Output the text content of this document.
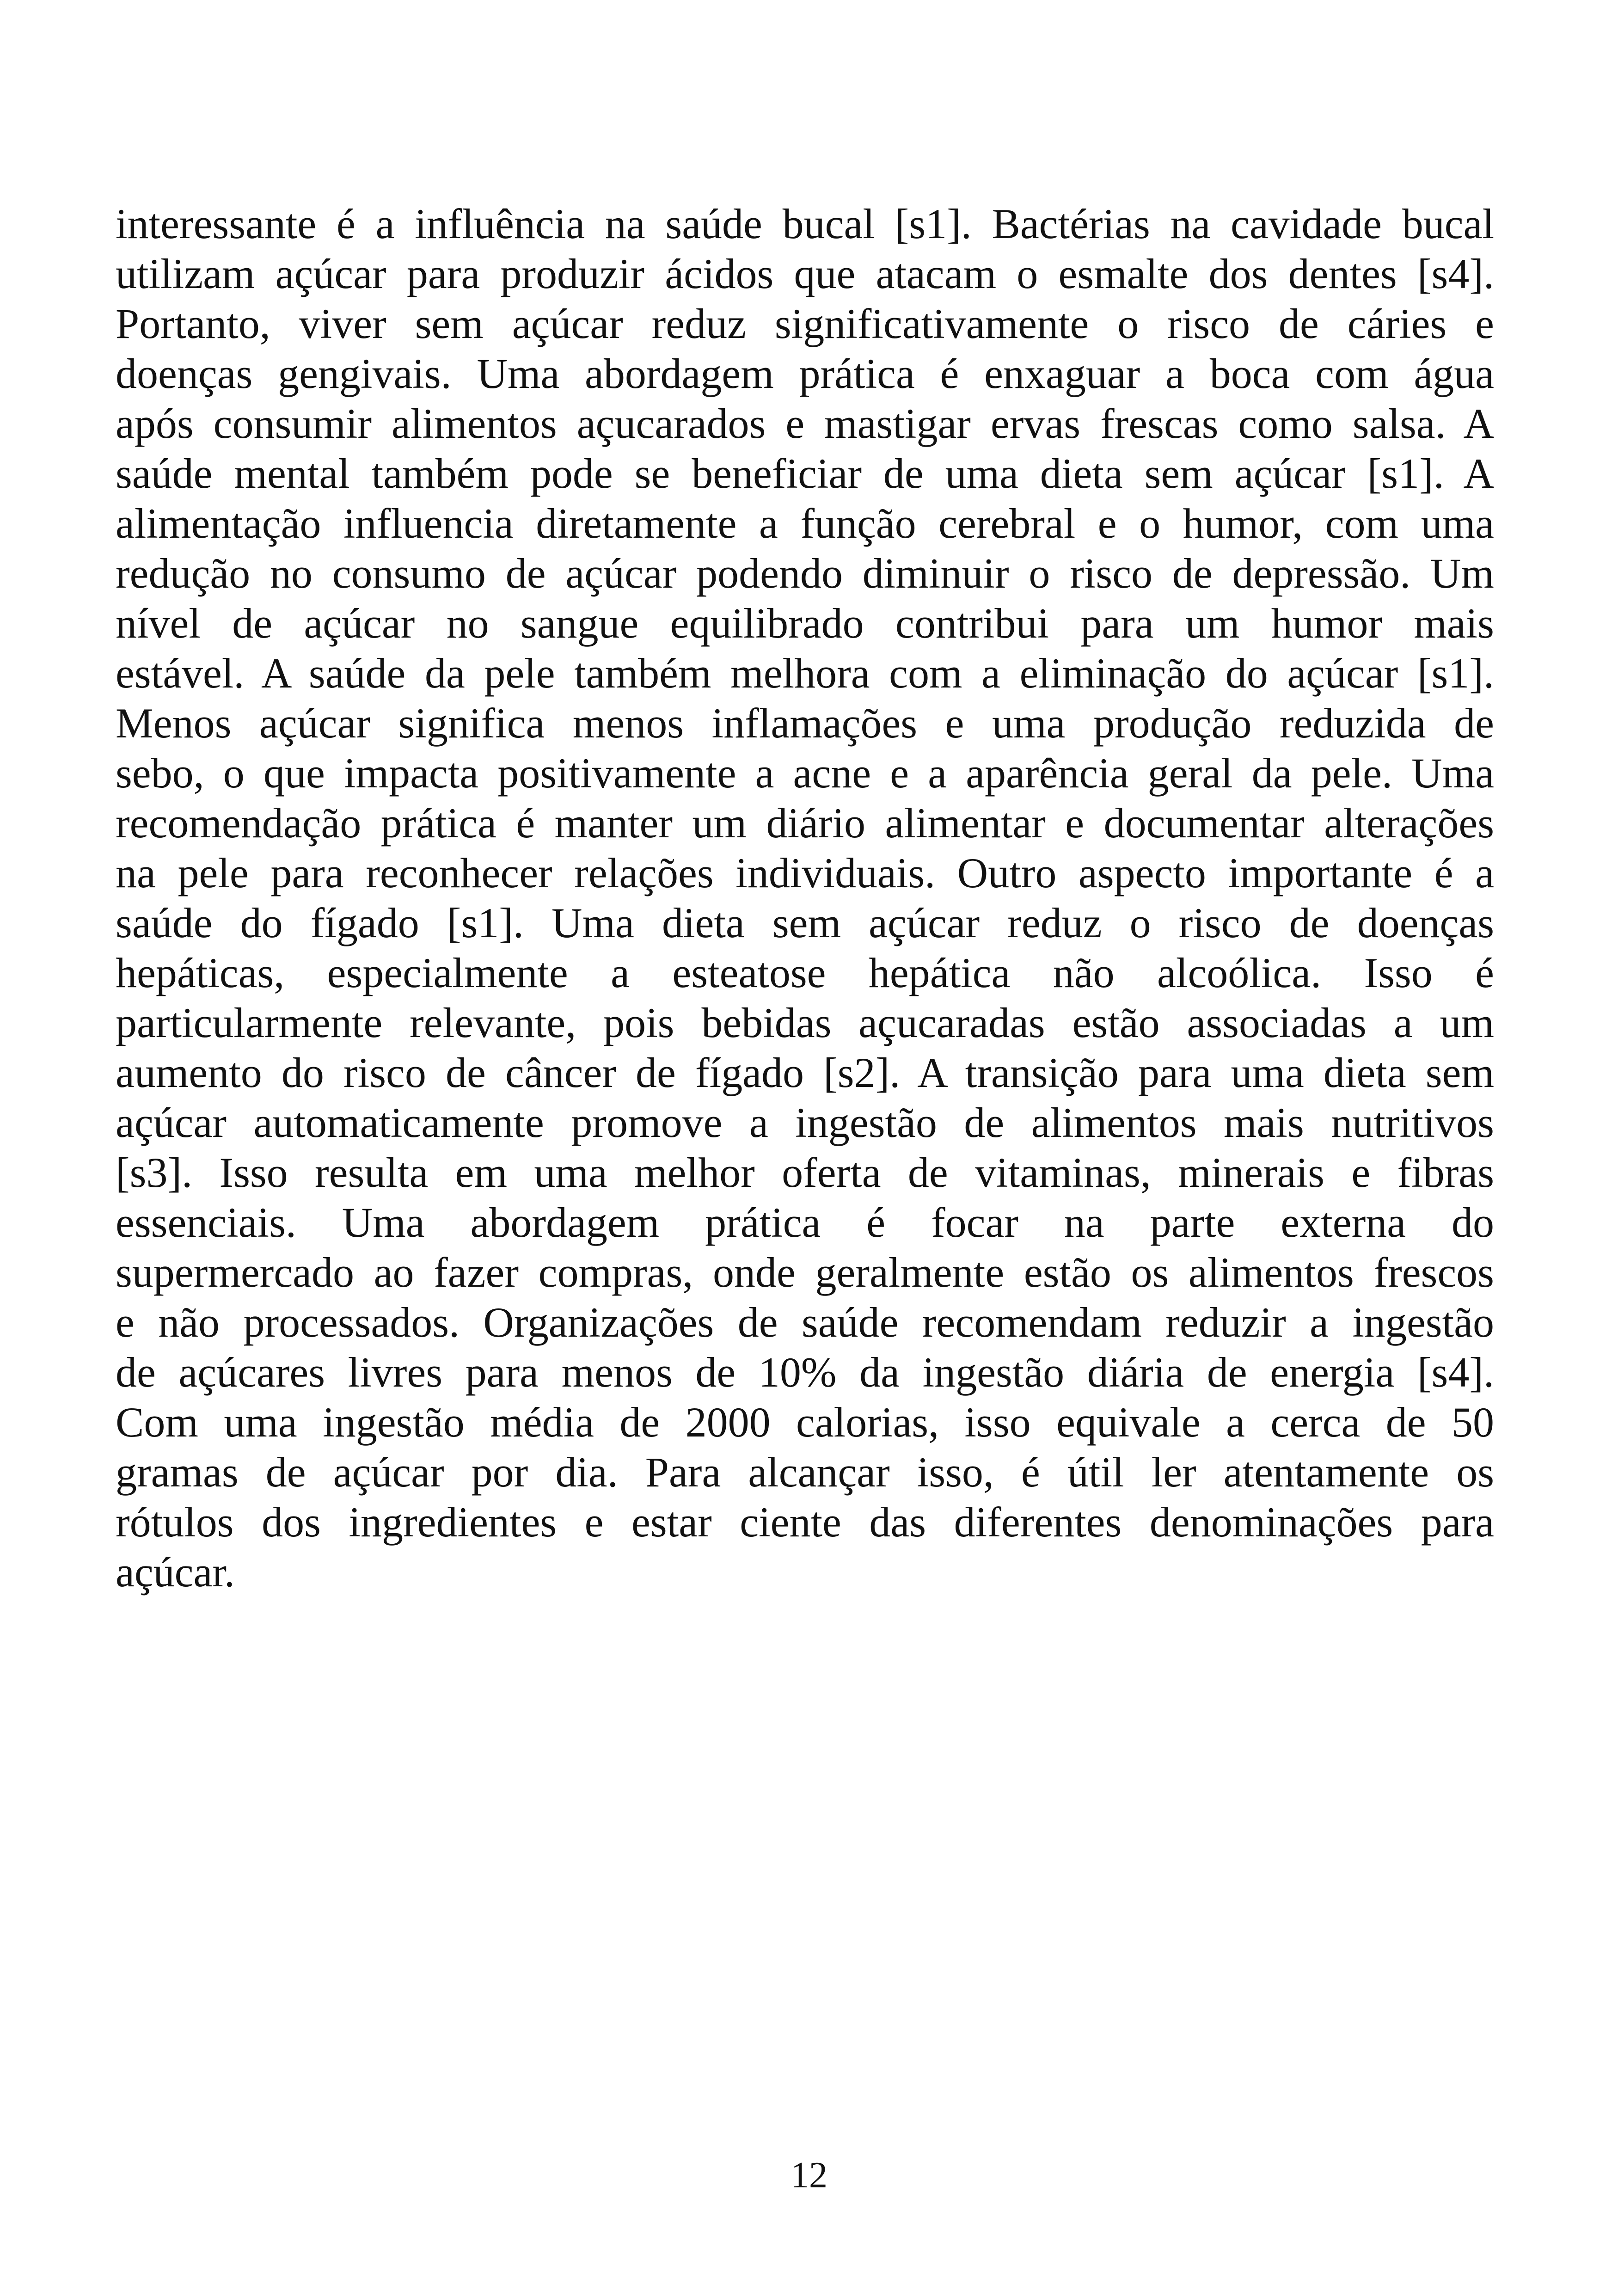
interessante é a influência na saúde bucal [s1]. Bactérias na cavidade bucal
utilizam açúcar para produzir ácidos que atacam o esmalte dos dentes [s4].
Portanto, viver sem açúcar reduz significativamente o risco de cáries e
doenças gengivais. Uma abordagem prática é enxaguar a boca com água
após consumir alimentos açucarados e mastigar ervas frescas como salsa. A
saúde mental também pode se beneficiar de uma dieta sem açúcar [s1]. A
alimentação influencia diretamente a função cerebral e o humor, com uma
redução no consumo de açúcar podendo diminuir o risco de depressão. Um
nível de açúcar no sangue equilibrado contribui para um humor mais
estável. A saúde da pele também melhora com a eliminação do açúcar [s1].
Menos açúcar significa menos inflamações e uma produção reduzida de
sebo, o que impacta positivamente a acne e a aparência geral da pele. Uma
recomendação prática é manter um diário alimentar e documentar alterações
na pele para reconhecer relações individuais. Outro aspecto importante é a
saúde do fígado [s1]. Uma dieta sem açúcar reduz o risco de doenças
hepáticas, especialmente a esteatose hepática não alcoólica. Isso é
particularmente relevante, pois bebidas açucaradas estão associadas a um
aumento do risco de câncer de fígado [s2]. A transição para uma dieta sem
açúcar automaticamente promove a ingestão de alimentos mais nutritivos
[s3]. Isso resulta em uma melhor oferta de vitaminas, minerais e fibras
essenciais. Uma abordagem prática é focar na parte externa do
supermercado ao fazer compras, onde geralmente estão os alimentos frescos
e não processados. Organizações de saúde recomendam reduzir a ingestão
de açúcares livres para menos de 10% da ingestão diária de energia [s4].
Com uma ingestão média de 2000 calorias, isso equivale a cerca de 50
gramas de açúcar por dia. Para alcançar isso, é útil ler atentamente os
rótulos dos ingredientes e estar ciente das diferentes denominações para
açúcar.
12
